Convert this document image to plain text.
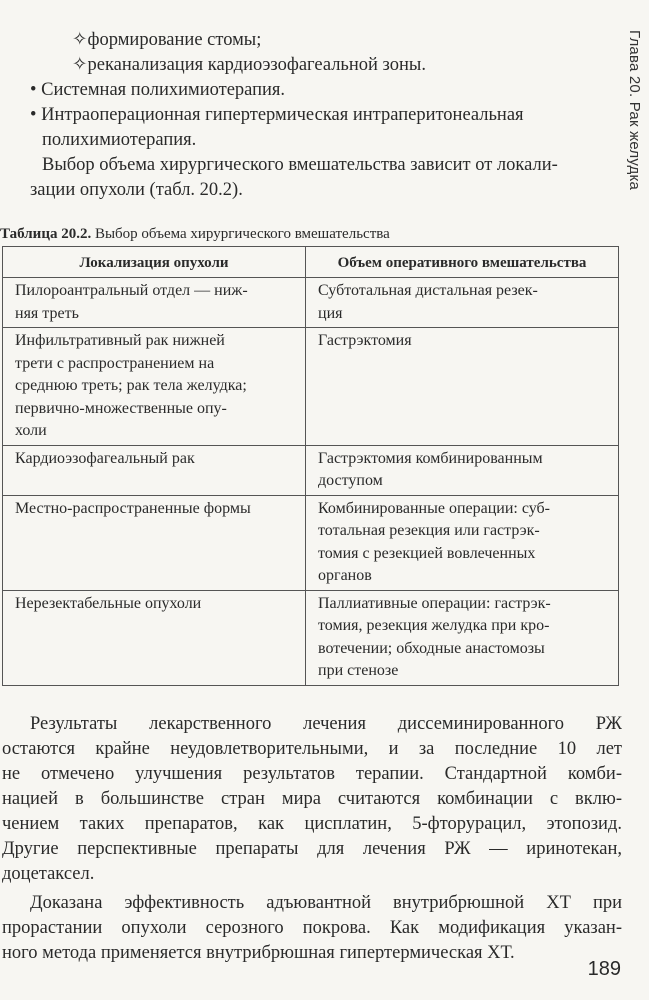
Глава 20. Рак желудка
✧формирование стомы;
✧реканализация кардиоэзофагеальной зоны.
• Системная полихимиотерапия.
• Интраоперационная гипертермическая интраперитонеальная
полихимиотерапия.
Выбор объема хирургического вмешательства зависит от локали-
зации опухоли (табл. 20.2).
Таблица 20.2. Выбор объема хирургического вмешательства
Локализация опухоли	Объем оперативного вмешательства

Пилороантральный отдел — ниж-
няя треть	Субтотальная дистальная резек-
ция

Инфильтративный рак нижней
трети с распространением на
среднюю треть; рак тела желудка;
первично-множественные опу-
холи	Гастрэктомия

Кардиоэзофагеальный рак	Гастрэктомия комбинированным
доступом

Местно-распространенные формы	Комбинированные операции: суб-
тотальная резекция или гастрэк-
томия с резекцией вовлеченных
органов

Нерезектабельные опухоли	Паллиативные операции: гастрэк-
томия, резекция желудка при кро-
вотечении; обходные анастомозы
при стенозе
Результаты лекарственного лечения диссеминированного РЖ
остаются крайне неудовлетворительными, и за последние 10 лет
не отмечено улучшения результатов терапии. Стандартной комби-
нацией в большинстве стран мира считаются комбинации с вклю-
чением таких препаратов, как цисплатин, 5-фторурацил, этопозид.
Другие перспективные препараты для лечения РЖ — иринотекан,
доцетаксел.
Доказана эффективность адъювантной внутрибрюшной ХТ при
прорастании опухоли серозного покрова. Как модификация указан-
ного метода применяется внутрибрюшная гипертермическая ХТ.
189
